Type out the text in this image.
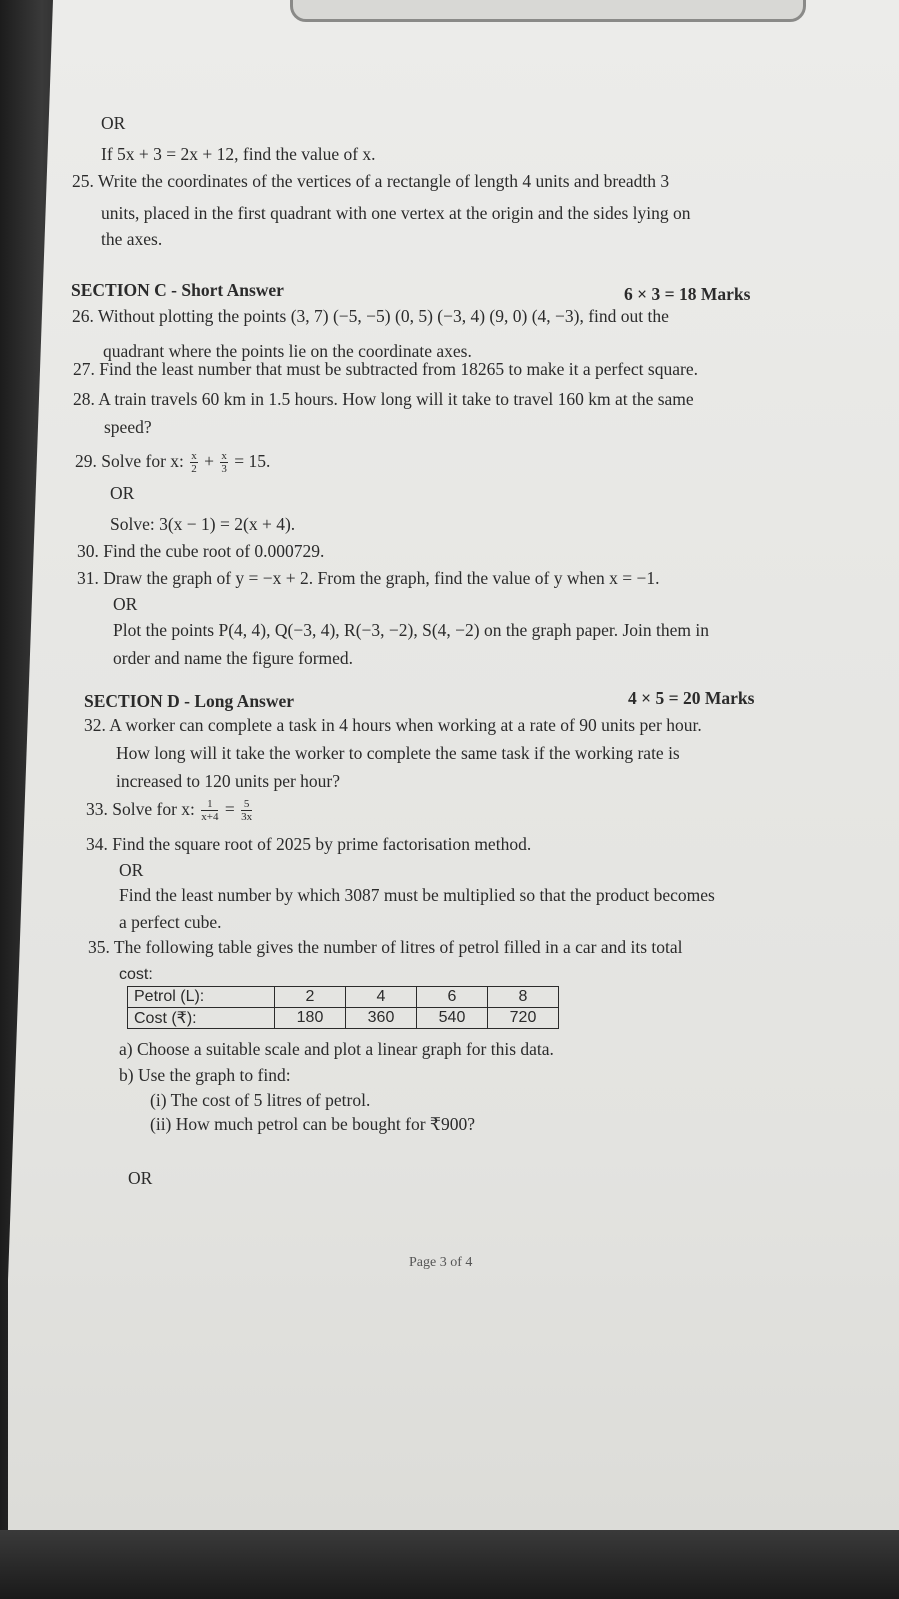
OR
If 5x + 3 = 2x + 12, find the value of x.
25. Write the coordinates of the vertices of a rectangle of length 4 units and breadth 3
units, placed in the first quadrant with one vertex at the origin and the sides lying on
the axes.
SECTION C - Short Answer	6 × 3 = 18 Marks
26. Without plotting the points (3, 7) (−5, −5) (0, 5) (−3, 4) (9, 0) (4, −3), find out the
quadrant where the points lie on the coordinate axes.
27. Find the least number that must be subtracted from 18265 to make it a perfect square.
28. A train travels 60 km in 1.5 hours. How long will it take to travel 160 km at the same
speed?
29. Solve for x: $\frac{x}{2} + \frac{x}{3} = 15$.
OR
Solve: 3(x − 1) = 2(x + 4).
30. Find the cube root of 0.000729.
31. Draw the graph of y = −x + 2. From the graph, find the value of y when x = −1.
OR
Plot the points P(4, 4), Q(−3, 4), R(−3, −2), S(4, −2) on the graph paper. Join them in
order and name the figure formed.
SECTION D - Long Answer	4 × 5 = 20 Marks
32. A worker can complete a task in 4 hours when working at a rate of 90 units per hour.
How long will it take the worker to complete the same task if the working rate is
increased to 120 units per hour?
33. Solve for x: $\frac{1}{x+4} = \frac{5}{3x}$
34. Find the square root of 2025 by prime factorisation method.
OR
Find the least number by which 3087 must be multiplied so that the product becomes
a perfect cube.
35. The following table gives the number of litres of petrol filled in a car and its total
cost:
Petrol (L):	2	4	6	8
Cost (₹):	180	360	540	720
a) Choose a suitable scale and plot a linear graph for this data.
b) Use the graph to find:
(i) The cost of 5 litres of petrol.
(ii) How much petrol can be bought for ₹900?
OR
Page 3 of 4
